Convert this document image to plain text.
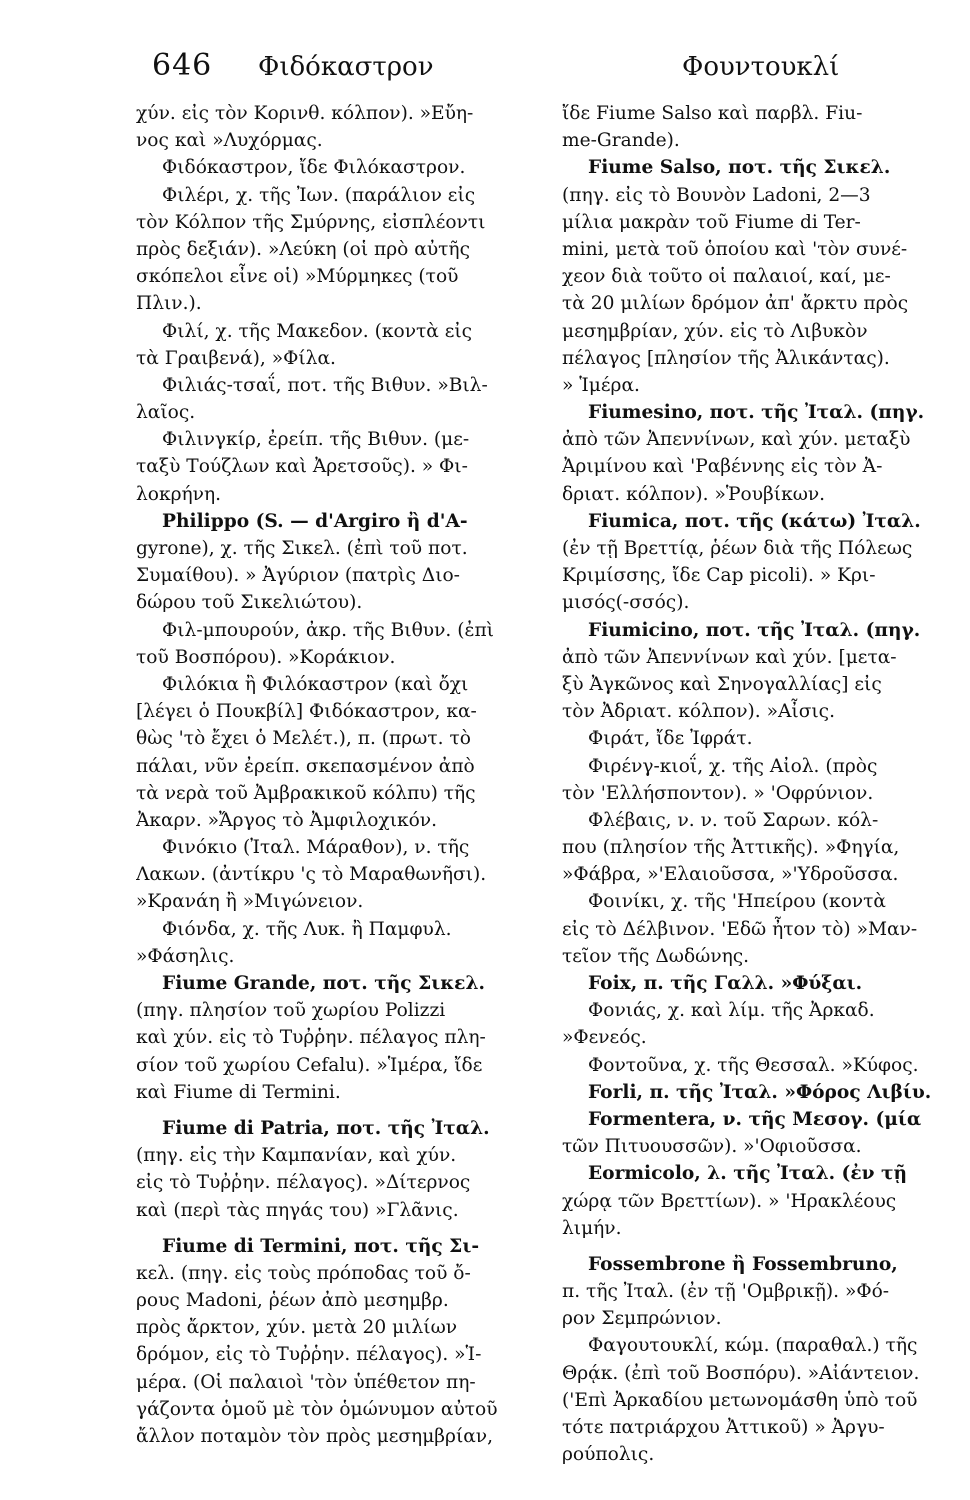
646 Φιδόκαστρον	Φουντουκλί
χύν. εἰς τὸν Κορινθ. κόλπον). »Εὔη-
νος καὶ »Λυχόρμας.
Φιδόκαστρον, ἴδε Φιλόκαστρον.
Φιλέρι, χ. τῆς Ἰων. (παράλιον εἰς
τὸν Κόλπον τῆς Σμύρνης, εἰσπλέοντι
πρὸς δεξιάν). »Λεύκη (οἱ πρὸ αὐτῆς
σκόπελοι εἶνε οἱ) »Μύρμηκες (τοῦ
Πλιν.).
Φιλί, χ. τῆς Μακεδον. (κοντὰ εἰς
τὰ Γραιβενά), »Φίλα.
Φιλιάς-τσαΐ, ποτ. τῆς Βιθυν. »Βιλ-
λαῖος.
Φιλινγκίρ, ἐρείπ. τῆς Βιθυν. (με-
ταξὺ Τούζλων καὶ Ἀρετσοῦς). » Φι-
λοκρήνη.
Philippo (S. — d'Argiro ἢ d'A-
gyrone), χ. τῆς Σικελ. (ἐπὶ τοῦ ποτ.
Συμαίθου). » Ἀγύριον (πατρὶς Διο-
δώρου τοῦ Σικελιώτου).
Φιλ-μπουρούν, ἀκρ. τῆς Βιθυν. (ἐπὶ
τοῦ Βοσπόρου). »Κοράκιον.
Φιλόκια ἢ Φιλόκαστρον (καὶ ὄχι
[λέγει ὁ Πουκβίλ] Φιδόκαστρον, κα-
θὼς 'τὸ ἔχει ὁ Μελέτ.), π. (πρωτ. τὸ
πάλαι, νῦν ἐρείπ. σκεπασμένον ἀπὸ
τὰ νερὰ τοῦ Ἀμβρακικοῦ κόλπυ) τῆς
Ἀκαρν. »Ἄργος τὸ Ἀμφιλοχικόν.
Φινόκιο (Ἰταλ. Μάραθον), ν. τῆς
Λακων. (ἀντίκρυ 'ς τὸ Μαραθωνῆσι).
»Κρανάη ἢ »Μιγώνειον.
Φιόνδα, χ. τῆς Λυκ. ἢ Παμφυλ.
»Φάσηλις.
Fiume Grande, ποτ. τῆς Σικελ.
(πηγ. πλησίον τοῦ χωρίου Polizzi
καὶ χύν. εἰς τὸ Τυῤῥην. πέλαγος πλη-
σίον τοῦ χωρίου Cefalu). »Ἱμέρα, ἴδε
καὶ Fiume di Termini.
Fiume di Patria, ποτ. τῆς Ἰταλ.
(πηγ. εἰς τὴν Καμπανίαν, καὶ χύν.
εἰς τὸ Τυῤῥην. πέλαγος). »Δίτερνος
καὶ (περὶ τὰς πηγάς του) »Γλᾶνις.
Fiume di Termini, ποτ. τῆς Σι-
κελ. (πηγ. εἰς τοὺς πρόποδας τοῦ ὄ-
ρους Madoni, ῥέων ἀπὸ μεσημβρ.
πρὸς ἄρκτον, χύν. μετὰ 20 μιλίων
δρόμον, εἰς τὸ Τυῤῥην. πέλαγος). »Ἱ-
μέρα. (Οἱ παλαιοὶ 'τὸν ὑπέθετον πη-
γάζοντα ὁμοῦ μὲ τὸν ὁμώνυμον αὐτοῦ
ἄλλον ποταμὸν τὸν πρὸς μεσημβρίαν,
ἴδε Fiume Salso καὶ παρβλ. Fiu-
me-Grande).
Fiume Salso, ποτ. τῆς Σικελ.
(πηγ. εἰς τὸ Βουνὸν Ladoni, 2—3
μίλια μακρὰν τοῦ Fiume di Ter-
mini, μετὰ τοῦ ὁποίου καὶ 'τὸν συνέ-
χεον διὰ τοῦτο οἱ παλαιοί, καί, με-
τὰ 20 μιλίων δρόμον ἀπ' ἄρκτυ πρὸς
μεσημβρίαν, χύν. εἰς τὸ Λιβυκὸν
πέλαγος [πλησίον τῆς Ἀλικάντας).
» Ἱμέρα.
Fiumesino, ποτ. τῆς Ἰταλ. (πηγ.
ἀπὸ τῶν Ἀπεννίνων, καὶ χύν. μεταξὺ
Ἀριμίνου καὶ 'Ραβέννης εἰς τὸν Ἀ-
δριατ. κόλπον). »Ῥουβίκων.
Fiumica, ποτ. τῆς (κάτω) Ἰταλ.
(ἐν τῇ Βρεττίᾳ, ῥέων διὰ τῆς Πόλεως
Κριμίσσης, ἴδε Cap picoli). » Κρι-
μισός(-σσός).
Fiumicino, ποτ. τῆς Ἰταλ. (πηγ.
ἀπὸ τῶν Ἀπεννίνων καὶ χύν. [μετα-
ξὺ Ἀγκῶνος καὶ Σηνογαλλίας] εἰς
τὸν Ἀδριατ. κόλπον). »Αἶσις.
Φιράτ, ἴδε Ἰφράτ.
Φιρένγ-κιοΐ, χ. τῆς Αἰολ. (πρὸς
τὸν 'Ελλήσποντον). » 'Οφρύνιον.
Φλέβαις, ν. ν. τοῦ Σαρων. κόλ-
που (πλησίον τῆς Ἀττικῆς). »Φηγία,
»Φάβρα, »'Ελαιοῦσσα, »'Υδροῦσσα.
Φοινίκι, χ. τῆς 'Ηπείρου (κοντὰ
εἰς τὸ Δέλβινον. 'Εδῶ ἦτον τὸ) »Μαν-
τεῖον τῆς Δωδώνης.
Foix, π. τῆς Γαλλ. »Φύξαι.
Φονιάς, χ. καὶ λίμ. τῆς Ἀρκαδ.
»Φενεός.
Φοντοῦνα, χ. τῆς Θεσσαλ. »Κύφος.
Forli, π. τῆς Ἰταλ. »Φόρος Λιβίυ.
Formentera, ν. τῆς Μεσογ. (μία
τῶν Πιτυουσσῶν). »'Οφιοῦσσα.
Eormicolo, λ. τῆς Ἰταλ. (ἐν τῇ
χώρᾳ τῶν Βρεττίων). » 'Ηρακλέους
λιμήν.
Fossembrone ἢ Fossembruno,
π. τῆς Ἰταλ. (ἐν τῇ 'Ομβρικῇ). »Φό-
ρον Σεμπρώνιον.
Φαγουτουκλί, κώμ. (παραθαλ.) τῆς
Θρᾴκ. (ἐπὶ τοῦ Βοσπόρυ). »Αἰάντειον.
('Επὶ Ἀρκαδίου μετωνομάσθη ὑπὸ τοῦ
τότε πατριάρχου Ἀττικοῦ) » Ἀργυ-
ρούπολις.
